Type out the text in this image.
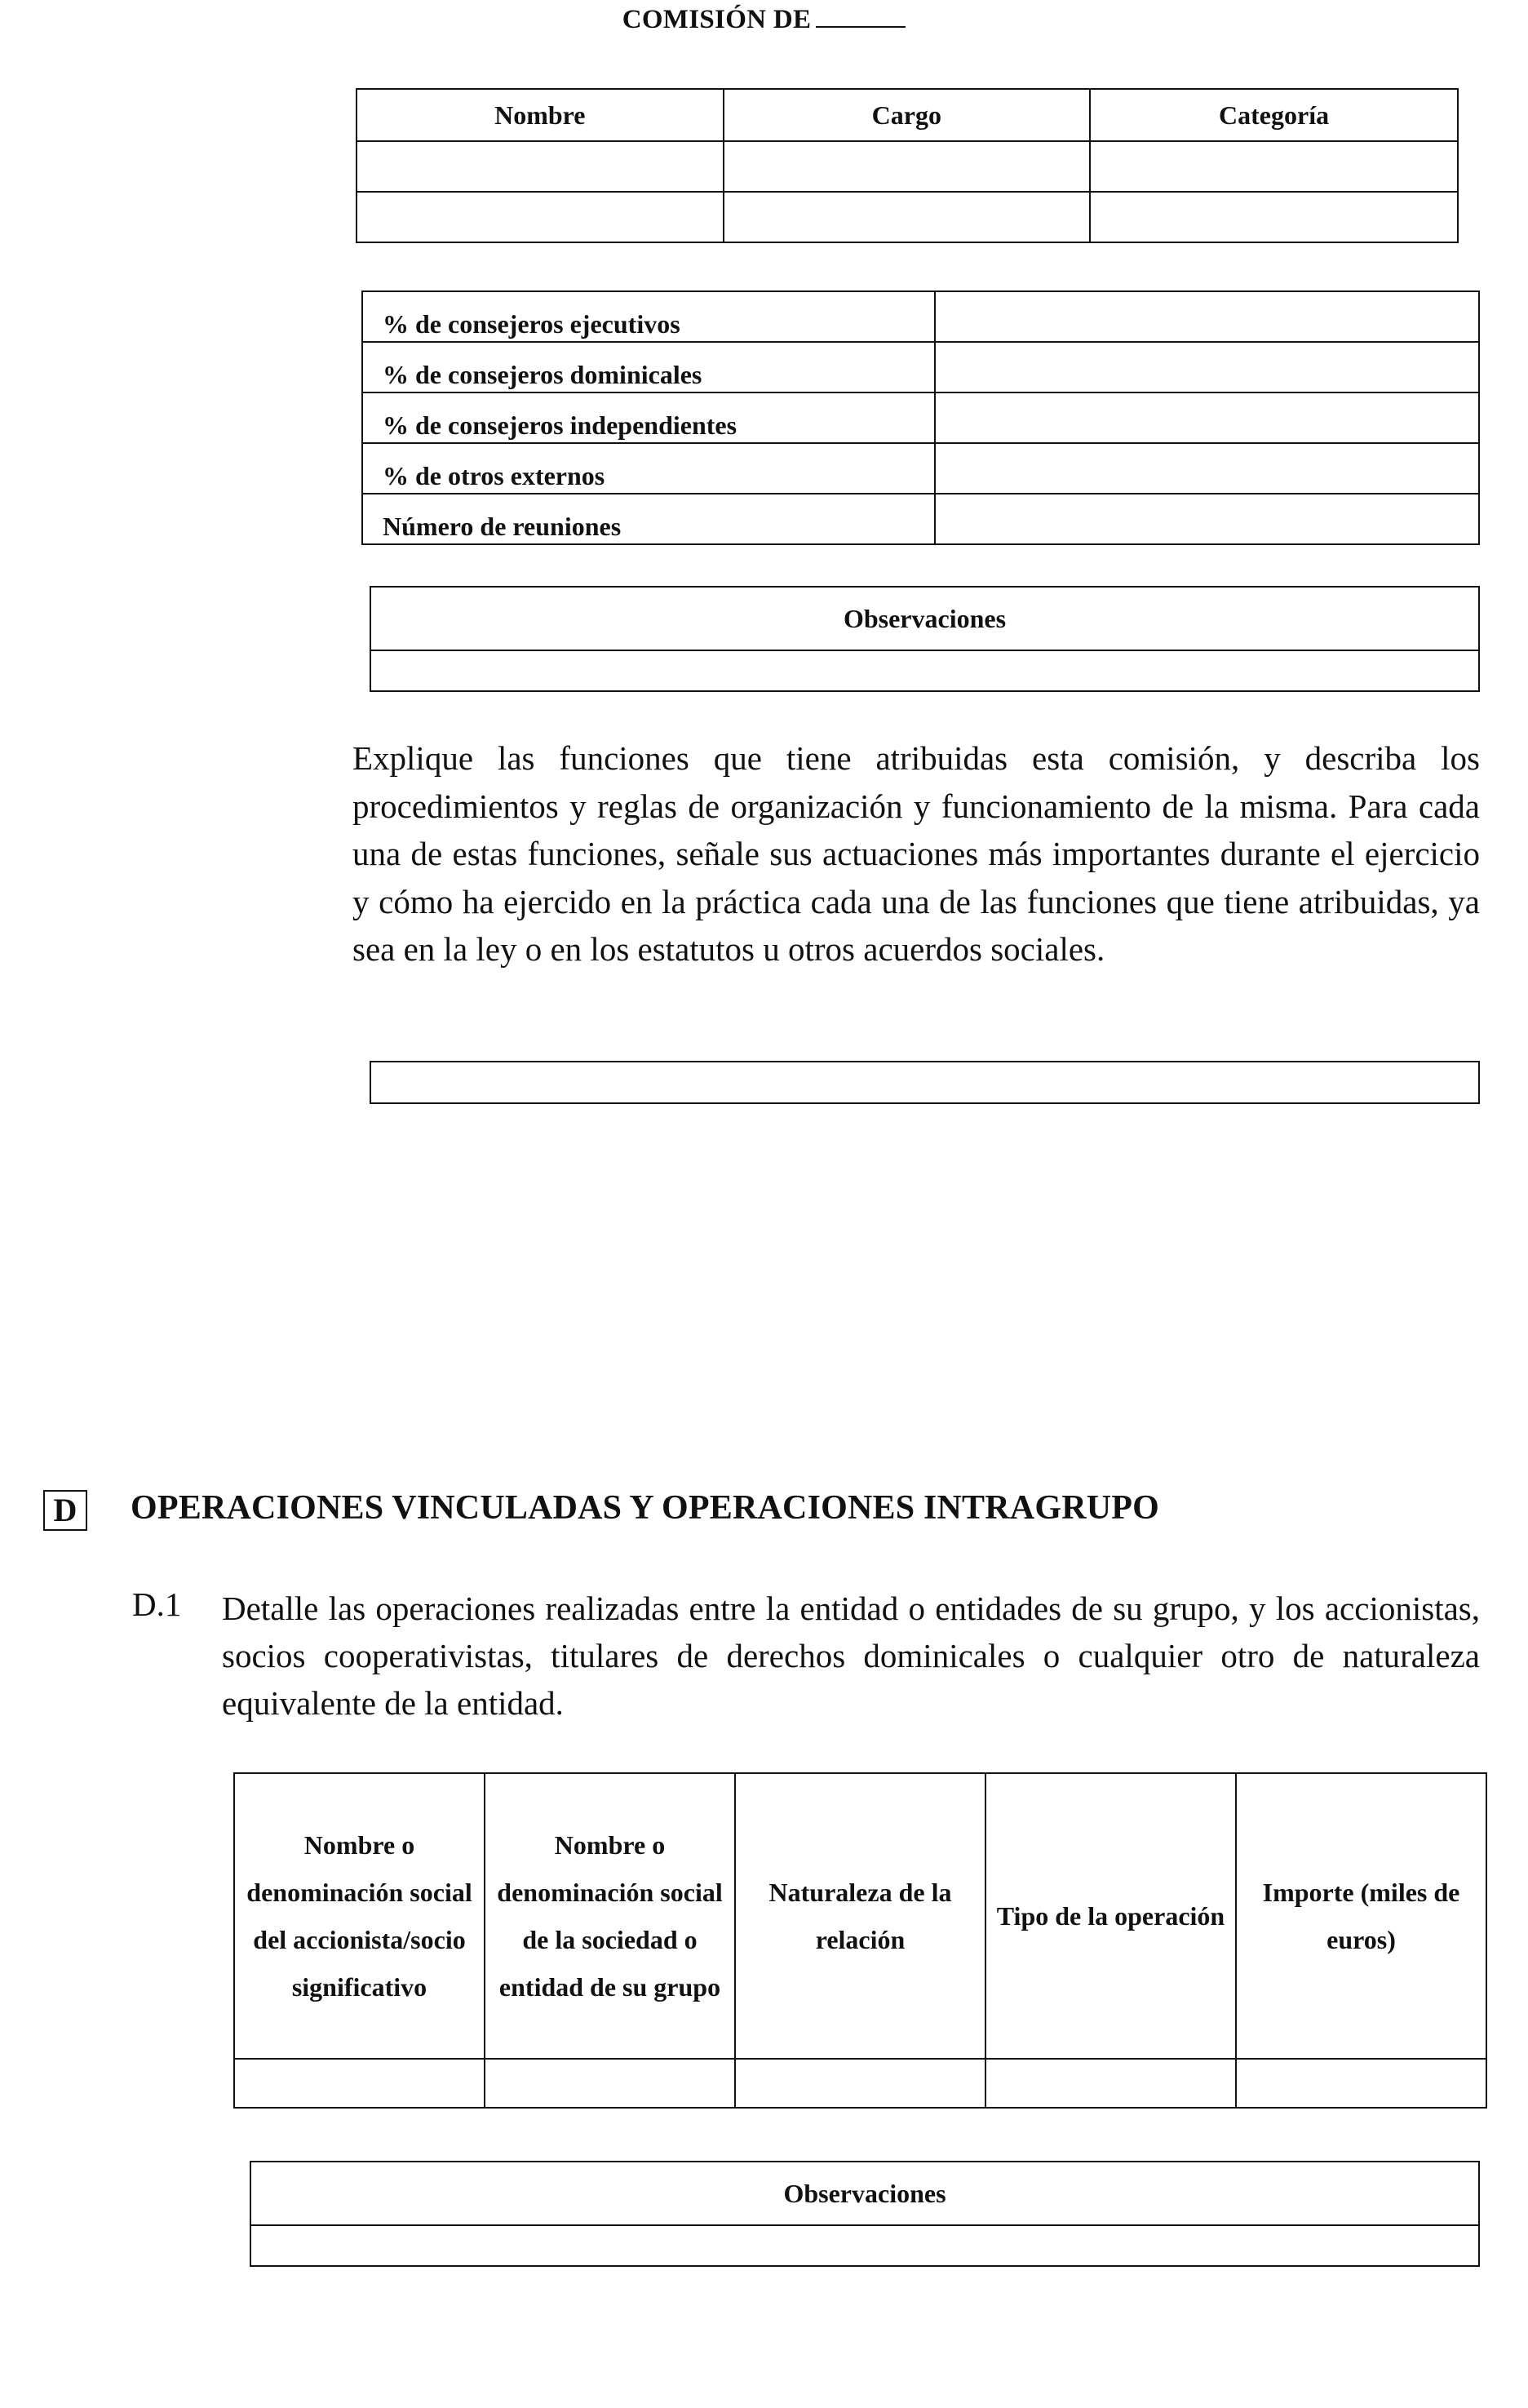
COMISIÓN DE
Nombre	Cargo	Categoría

% de consejeros ejecutivos	
% de consejeros dominicales	
% de consejeros independientes	
% de otros externos	
Número de reuniones	
Observaciones

Explique las funciones que tiene atribuidas esta comisión, y describa los procedimientos y reglas de organización y funcionamiento de la misma. Para cada una de estas funciones, señale sus actuaciones más importantes durante el ejercicio y cómo ha ejercido en la práctica cada una de las funciones que tiene atribuidas, ya sea en la ley o en los estatutos u otros acuerdos sociales.
D OPERACIONES VINCULADAS Y OPERACIONES INTRAGRUPO
D.1 Detalle las operaciones realizadas entre la entidad o entidades de su grupo, y los accionistas, socios cooperativistas, titulares de derechos dominicales o cualquier otro de naturaleza equivalente de la entidad.
Nombre o denominación social del accionista/socio significativo	Nombre o denominación social de la sociedad o entidad de su grupo	Naturaleza de la relación	Tipo de la operación	Importe (miles de euros)

Observaciones
